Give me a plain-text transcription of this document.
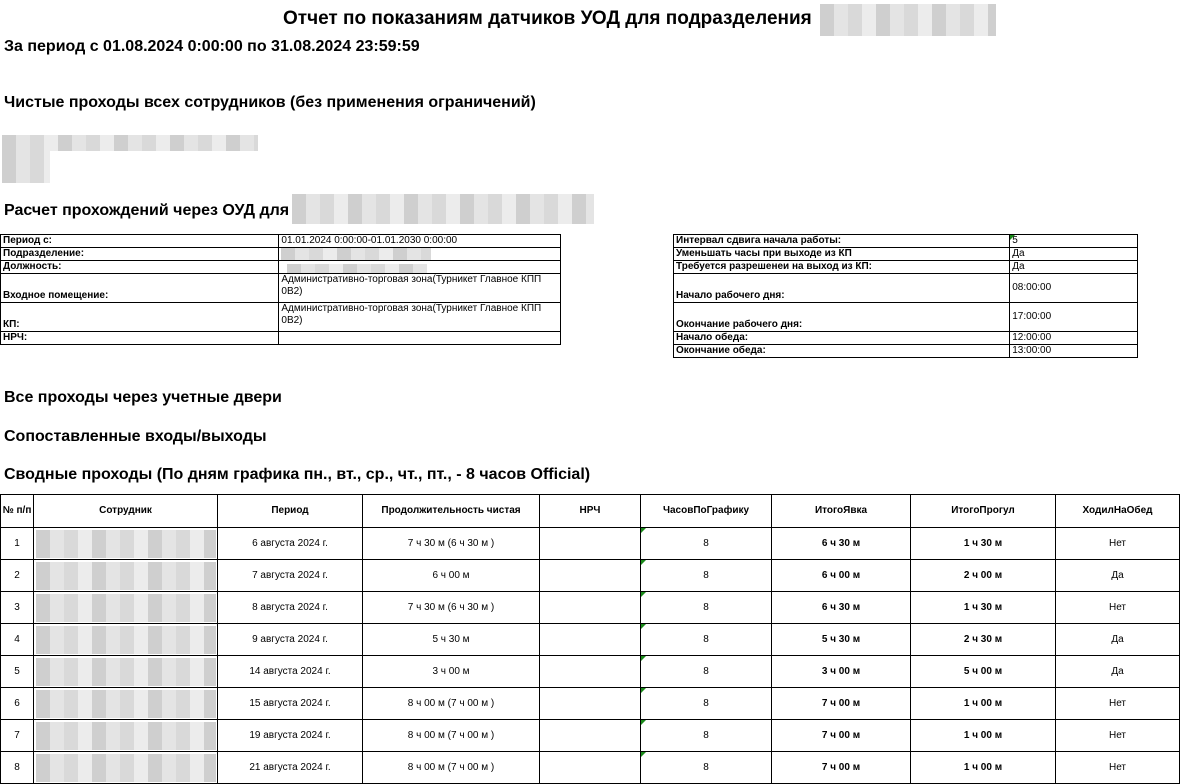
Отчет по показаниям датчиков УОД для подразделения
За период с 01.08.2024 0:00:00 по 31.08.2024 23:59:59
Чистые проходы всех сотрудников (без применения ограничений)
Расчет прохождений через ОУД для
Период с:	01.01.2024 0:00:00-01.01.2030 0:00:00
Подразделение:	

Должность:	

Входное помещение:	Административно-торговая зона(Турникет Главное КПП 0В2)
КП:	Административно-торговая зона(Турникет Главное КПП 0В2)
НРЧ:	
Интервал сдвига начала работы:	5
Уменьшать часы при выходе из КП	Да
Требуется разрешенеи на выход из КП:	Да
Начало рабочего дня:	08:00:00
Окончание рабочего дня:	17:00:00
Начало обеда:	12:00:00
Окончание обеда:	13:00:00
Все проходы через учетные двери
Сопоставленные входы/выходы
Сводные проходы (По дням графика пн., вт., ср., чт., пт., - 8 часов Official)
№ п/п	Сотрудник	Период	Продолжительность чистая	НРЧ	ЧасовПоГрафику	ИтогоЯвка	ИтогоПрогул	ХодилНаОбед
1		6 августа 2024 г.	7 ч 30 м (6 ч 30 м )		8	6 ч 30 м	1 ч 30 м	Нет
2		7 августа 2024 г.	6 ч 00 м		8	6 ч 00 м	2 ч 00 м	Да
3		8 августа 2024 г.	7 ч 30 м (6 ч 30 м )		8	6 ч 30 м	1 ч 30 м	Нет
4		9 августа 2024 г.	5 ч 30 м		8	5 ч 30 м	2 ч 30 м	Да
5		14 августа 2024 г.	3 ч 00 м		8	3 ч 00 м	5 ч 00 м	Да
6		15 августа 2024 г.	8 ч 00 м (7 ч 00 м )		8	7 ч 00 м	1 ч 00 м	Нет
7		19 августа 2024 г.	8 ч 00 м (7 ч 00 м )		8	7 ч 00 м	1 ч 00 м	Нет
8		21 августа 2024 г.	8 ч 00 м (7 ч 00 м )		8	7 ч 00 м	1 ч 00 м	Нет
